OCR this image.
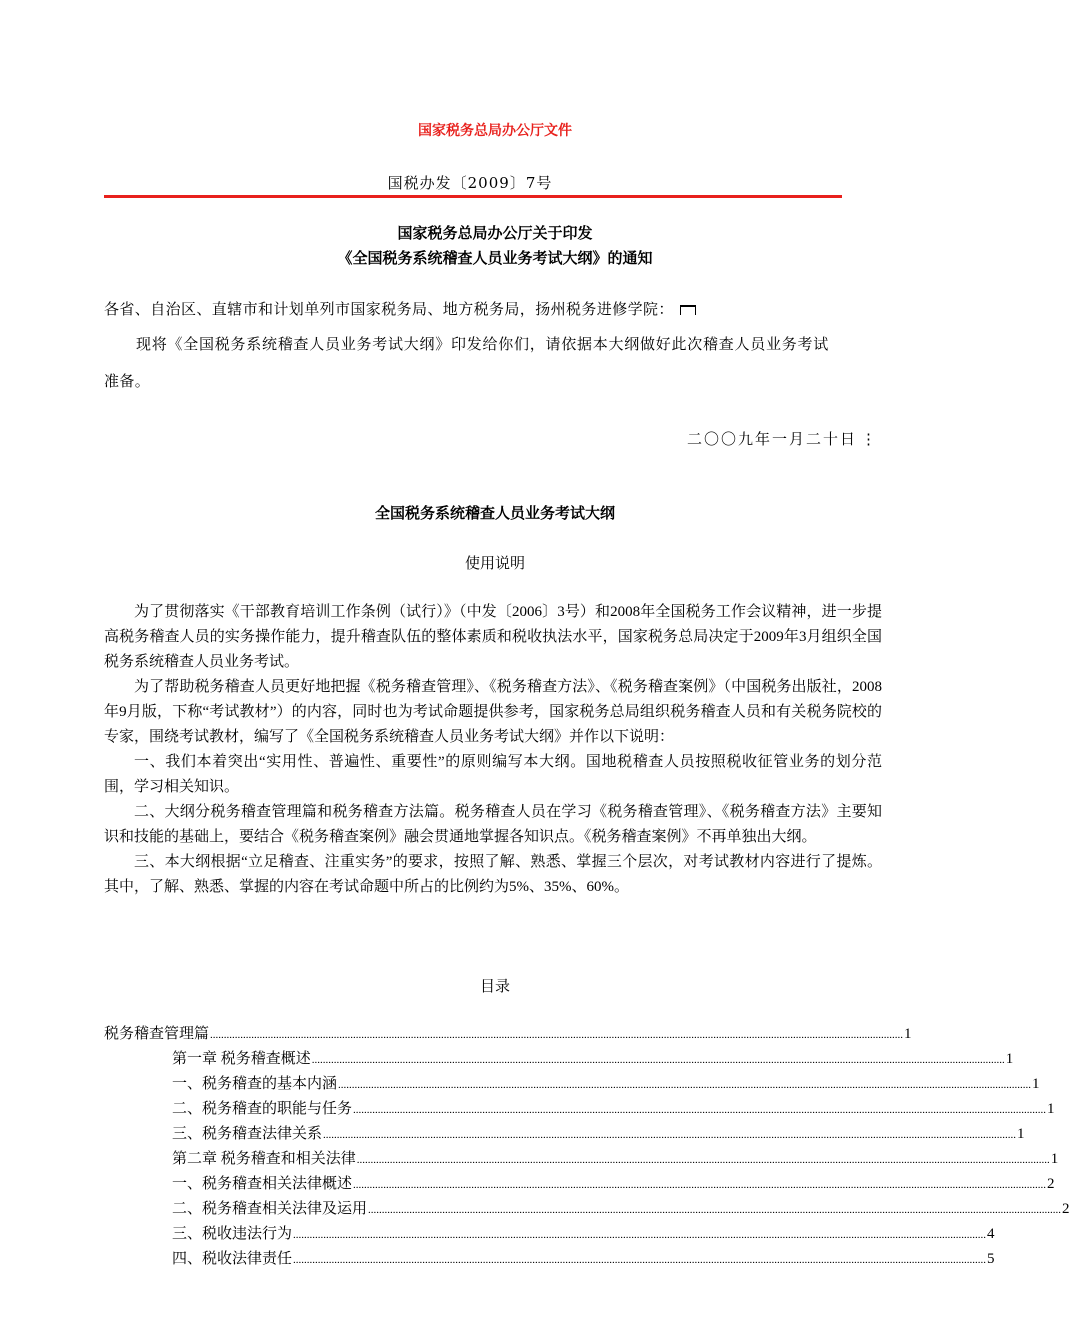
国家税务总局办公厅文件
国税办发〔2009〕7号
国家税务总局办公厅关于印发
《全国税务系统稽查人员业务考试大纲》的通知
各省、自治区、直辖市和计划单列市国家税务局、地方税务局，扬州税务进修学院：
现将《全国税务系统稽查人员业务考试大纲》印发给你们，请依据本大纲做好此次稽查人员业务考试
准备。
二〇〇九年一月二十日 ⋮
全国税务系统稽查人员业务考试大纲
使用说明

为了贯彻落实《干部教育培训工作条例（试行）》（中发〔2006〕3号）和2008年全国税务工作会议精神，进一步提高税务稽查人员的实务操作能力，提升稽查队伍的整体素质和税收执法水平，国家税务总局决定于2009年3月组织全国税务系统稽查人员业务考试。

为了帮助税务稽查人员更好地把握《税务稽查管理》、《税务稽查方法》、《税务稽查案例》（中国税务出版社，2008年9月版，下称“考试教材”）的内容，同时也为考试命题提供参考，国家税务总局组织税务稽查人员和有关税务院校的专家，围绕考试教材，编写了《全国税务系统稽查人员业务考试大纲》并作以下说明：

一、我们本着突出“实用性、普遍性、重要性”的原则编写本大纲。国地税稽查人员按照税收征管业务的划分范围，学习相关知识。

二、大纲分税务稽查管理篇和税务稽查方法篇。税务稽查人员在学习《税务稽查管理》、《税务稽查方法》主要知识和技能的基础上，要结合《税务稽查案例》融会贯通地掌握各知识点。《税务稽查案例》不再单独出大纲。

三、本大纲根据“立足稽查、注重实务”的要求，按照了解、熟悉、掌握三个层次，对考试教材内容进行了提炼。其中，了解、熟悉、掌握的内容在考试命题中所占的比例约为5%、35%、60%。

目录
税务稽查管理篇 ............................................................................................................................................................................................................................................................ 1
第一章 税务稽查概述 ............................................................................................................................................................................................................................................................ 1
一、税务稽查的基本内涵 ............................................................................................................................................................................................................................................................ 1
二、税务稽查的职能与任务 ............................................................................................................................................................................................................................................................ 1
三、税务稽查法律关系 ............................................................................................................................................................................................................................................................ 1
第二章 税务稽查和相关法律 ............................................................................................................................................................................................................................................................ 1
一、税务稽查相关法律概述 ............................................................................................................................................................................................................................................................ 2
二、税务稽查相关法律及运用 ............................................................................................................................................................................................................................................................ 2
三、税收违法行为 ............................................................................................................................................................................................................................................................ 4
四、税收法律责任 ............................................................................................................................................................................................................................................................ 5
